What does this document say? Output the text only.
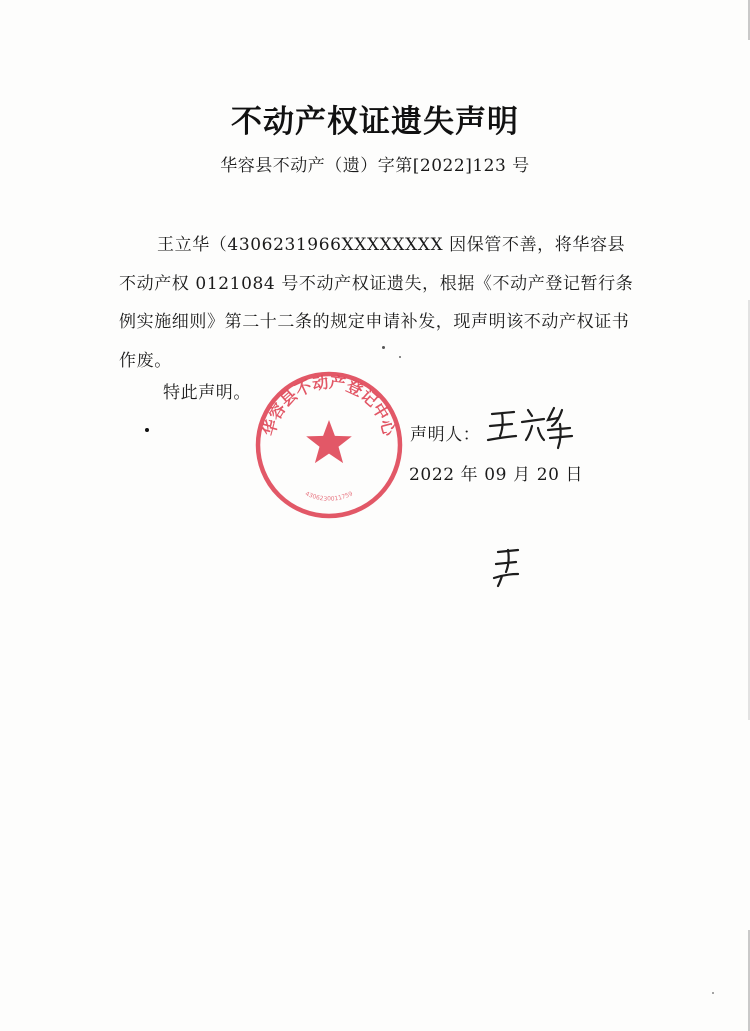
不动产权证遗失声明
华容县不动产（遗）字第[2022]123 号
王立华（4306231966XXXXXXXX 因保管不善，将华容县不动产权 0121084 号不动产权证遗失，根据《不动产登记暂行条例实施细则》第二十二条的规定申请补发，现声明该不动产权证书作废。
特此声明。
华容县不动产登记中心
4306230011759
声明人：
2022 年 09 月 20 日
